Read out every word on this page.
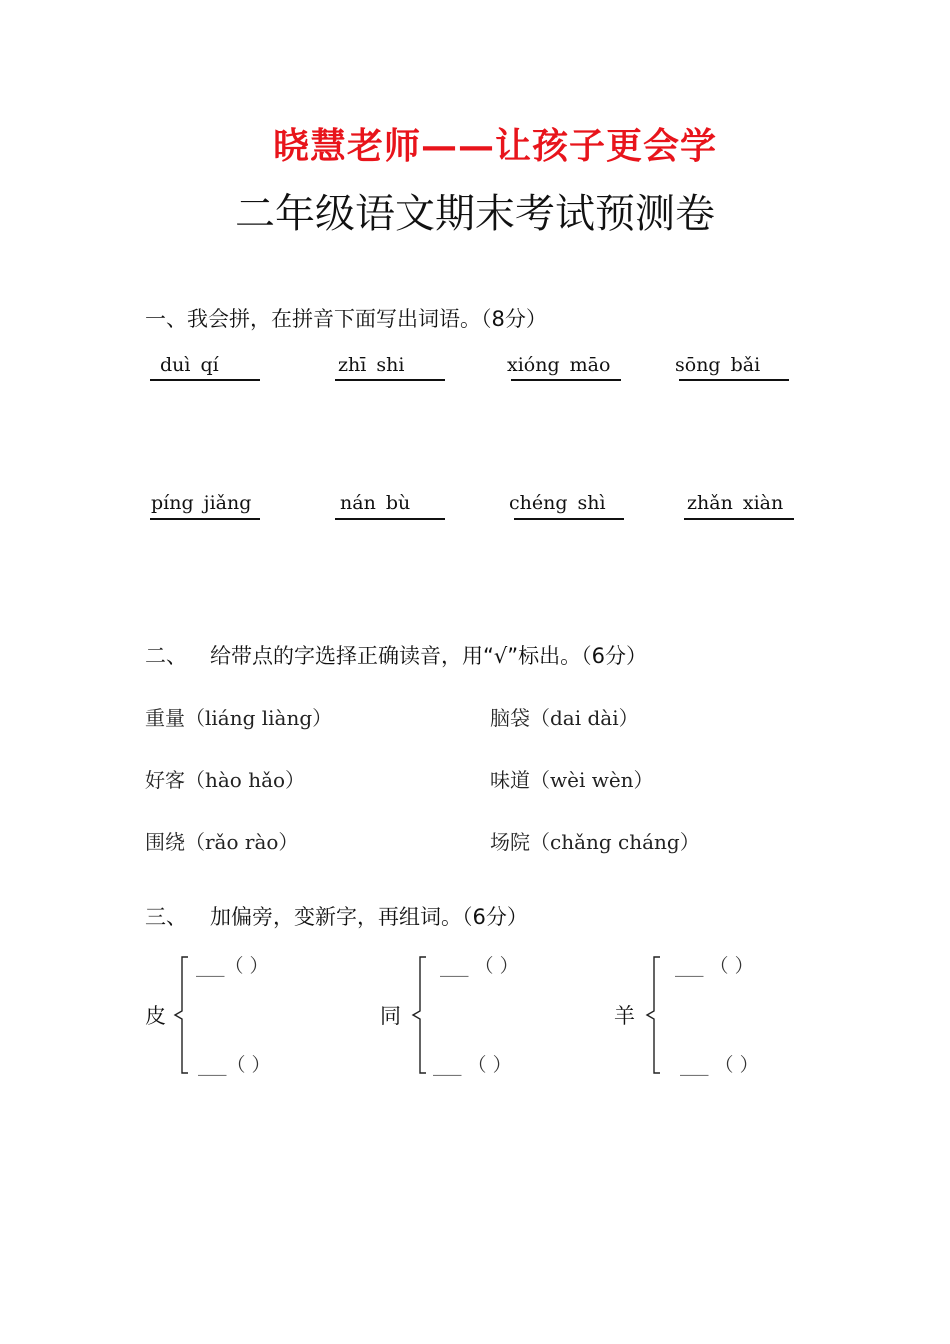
晓慧老师——让孩子更会学
二年级语文期末考试预测卷
一、我会拼，在拼音下面写出词语。（8分）
duì qí	zhī shi	xióng māo	sōng bǎi
píng jiǎng	nán bù	chéng shì	zhǎn xiàn
二、 给带点的字选择正确读音，用“√”标出。（6分）
重量（liáng liàng）	脑袋（dai dài）
好客（hào hǎo）	味道（wèi wèn）
围绕（rǎo rào）	场院（chǎng cháng）
三、 加偏旁，变新字，再组词。（6分）
皮
___（ ）
___（ ）
同
___ （ ）
___ （ ）
羊
___ （ ）
___ （ ）
